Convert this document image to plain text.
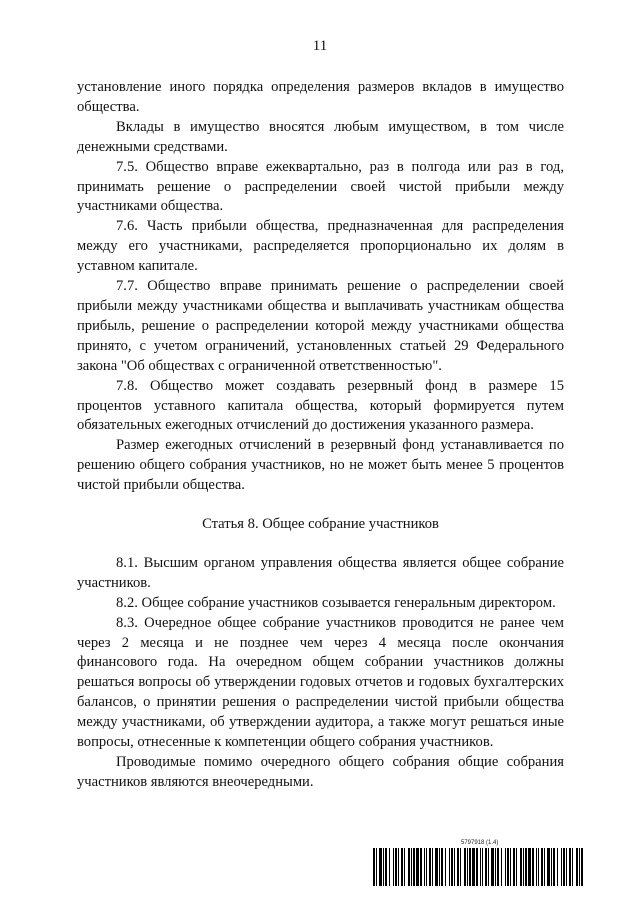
11

установление иного порядка определения размеров вкладов в имущество общества.

Вклады в имущество вносятся любым имуществом, в том числе денежными средствами.

7.5. Общество вправе ежеквартально, раз в полгода или раз в год, принимать решение о распределении своей чистой прибыли между участниками общества.

7.6. Часть прибыли общества, предназначенная для распределения между его участниками, распределяется пропорционально их долям в уставном капитале.

7.7. Общество вправе принимать решение о распределении своей прибыли между участниками общества и выплачивать участникам общества прибыль, решение о распределении которой между участниками общества принято, с учетом ограничений, установленных статьей 29 Федерального закона "Об обществах с ограниченной ответственностью".

7.8. Общество может создавать резервный фонд в размере 15 процентов уставного капитала общества, который формируется путем обязательных ежегодных отчислений до достижения указанного размера.

Размер ежегодных отчислений в резервный фонд устанавливается по решению общего собрания участников, но не может быть менее 5 процентов чистой прибыли общества.

Статья 8. Общее собрание участников

8.1. Высшим органом управления общества является общее собрание участников.

8.2. Общее собрание участников созывается генеральным директором.

8.3. Очередное общее собрание участников проводится не ранее чем через 2 месяца и не позднее чем через 4 месяца после окончания финансового года. На очередном общем собрании участников должны решаться вопросы об утверждении годовых отчетов и годовых бухгалтерских балансов, о принятии решения о распределении чистой прибыли общества между участниками, об утверждении аудитора, а также могут решаться иные вопросы, отнесенные к компетенции общего собрания участников.

Проводимые помимо очередного общего собрания общие собрания участников являются внеочередными.

5797918 (1.4)
